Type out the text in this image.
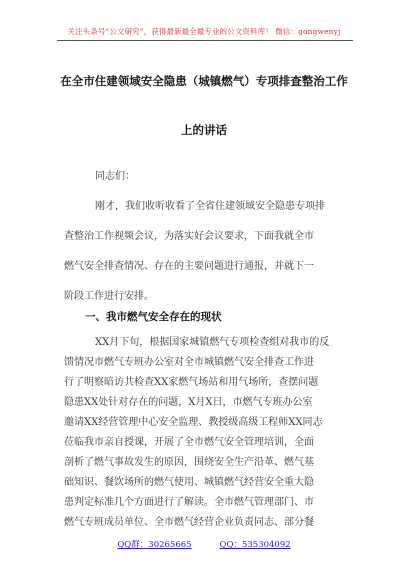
关注头条号“公文研究”，获得最新最全最专业的公文资料库！ 微信：gongwenyj
在全市住建领域安全隐患（城镇燃气）专项排查整治工作
上的讲话
同志们：
刚才，我们收听收看了全省住建领域安全隐患专项排
查整治工作视频会议，为落实好会议要求，下面我就全市
燃气安全排查情况、存在的主要问题进行通报，并就下一
阶段工作进行安排。
一、我市燃气安全存在的现状
XX月下旬，根据国家城镇燃气专项检查组对我市的反
馈情况市燃气专班办公室对全市城镇燃气安全排查工作进
行了明察暗访共检查XX家燃气场站和用气场所，查摆问题
隐患XX处针对存在的问题，X月X日，市燃气专班办公室
邀请XX经营管理中心安全监理、教授级高级工程师XX同志
莅临我市亲自授课，开展了全市燃气安全管理培训，全面
剖析了燃气事故发生的原因，围绕安全生产沿革、燃气基
础知识、餐饮场所的燃气使用、城镇燃气经营安全重大隐
患判定标准几个方面进行了解读。全市燃气管理部门、市
燃气专班成员单位、全市燃气经营企业负责同志、部分餐
QQ群：30265665	QQ：535304092
